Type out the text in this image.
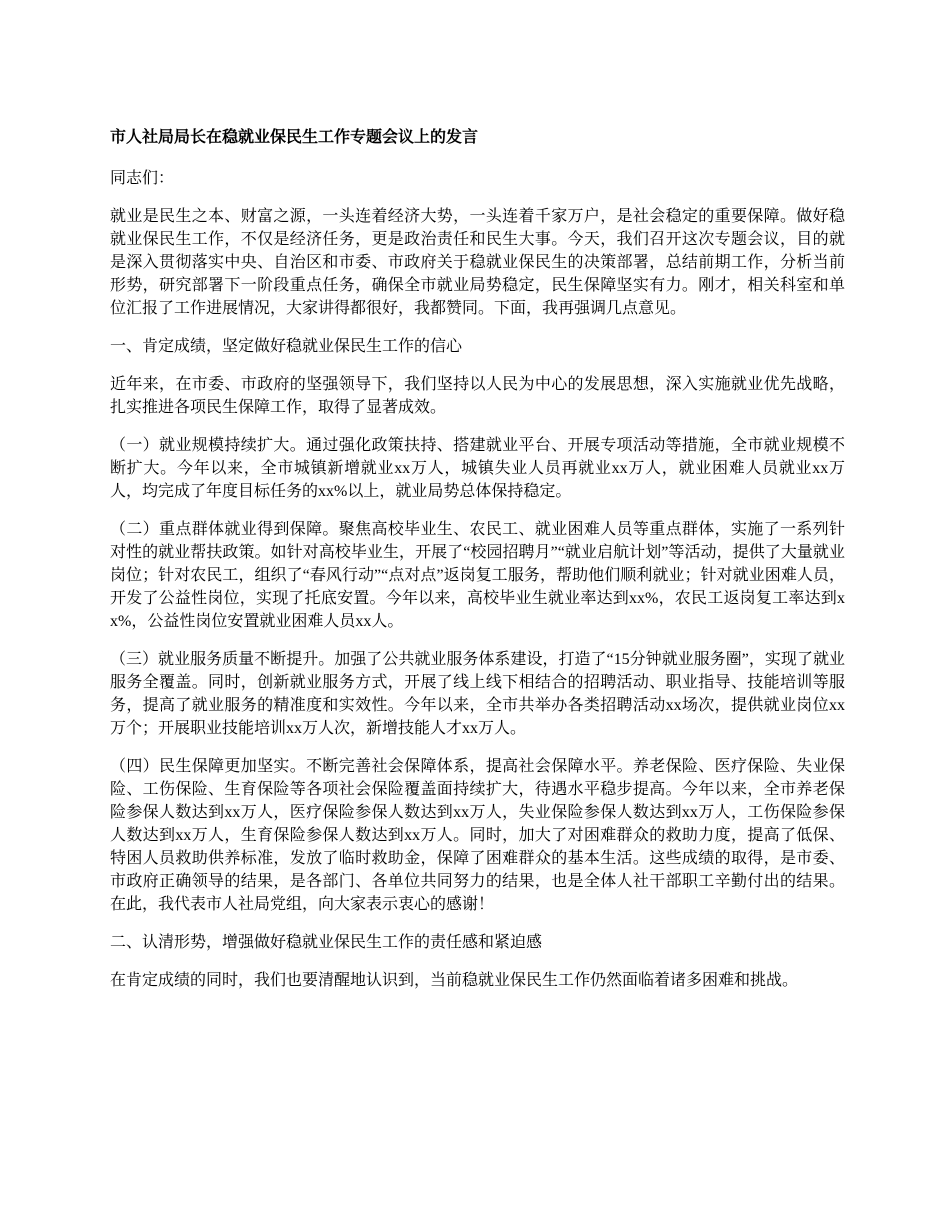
市人社局局长在稳就业保民生工作专题会议上的发言

同志们：

就业是民生之本、财富之源，一头连着经济大势，一头连着千家万户，是社会稳定的重要保障。做好稳就业保民生工作，不仅是经济任务，更是政治责任和民生大事。今天，我们召开这次专题会议，目的就是深入贯彻落实中央、自治区和市委、市政府关于稳就业保民生的决策部署，总结前期工作，分析当前形势，研究部署下一阶段重点任务，确保全市就业局势稳定，民生保障坚实有力。刚才，相关科室和单位汇报了工作进展情况，大家讲得都很好，我都赞同。下面，我再强调几点意见。

一、肯定成绩，坚定做好稳就业保民生工作的信心

近年来，在市委、市政府的坚强领导下，我们坚持以人民为中心的发展思想，深入实施就业优先战略，扎实推进各项民生保障工作，取得了显著成效。

（一）就业规模持续扩大。通过强化政策扶持、搭建就业平台、开展专项活动等措施，全市就业规模不断扩大。今年以来，全市城镇新增就业xx万人，城镇失业人员再就业xx万人，就业困难人员就业xx万人，均完成了年度目标任务的xx%以上，就业局势总体保持稳定。

（二）重点群体就业得到保障。聚焦高校毕业生、农民工、就业困难人员等重点群体，实施了一系列针对性的就业帮扶政策。如针对高校毕业生，开展了“校园招聘月”“就业启航计划”等活动，提供了大量就业岗位；针对农民工，组织了“春风行动”“点对点”返岗复工服务，帮助他们顺利就业；针对就业困难人员，开发了公益性岗位，实现了托底安置。今年以来，高校毕业生就业率达到xx%，农民工返岗复工率达到xx%，公益性岗位安置就业困难人员xx人。

（三）就业服务质量不断提升。加强了公共就业服务体系建设，打造了“15分钟就业服务圈”，实现了就业服务全覆盖。同时，创新就业服务方式，开展了线上线下相结合的招聘活动、职业指导、技能培训等服务，提高了就业服务的精准度和实效性。今年以来，全市共举办各类招聘活动xx场次，提供就业岗位xx万个；开展职业技能培训xx万人次，新增技能人才xx万人。

（四）民生保障更加坚实。不断完善社会保障体系，提高社会保障水平。养老保险、医疗保险、失业保险、工伤保险、生育保险等各项社会保险覆盖面持续扩大，待遇水平稳步提高。今年以来，全市养老保险参保人数达到xx万人，医疗保险参保人数达到xx万人，失业保险参保人数达到xx万人，工伤保险参保人数达到xx万人，生育保险参保人数达到xx万人。同时，加大了对困难群众的救助力度，提高了低保、特困人员救助供养标准，发放了临时救助金，保障了困难群众的基本生活。这些成绩的取得，是市委、市政府正确领导的结果，是各部门、各单位共同努力的结果，也是全体人社干部职工辛勤付出的结果。在此，我代表市人社局党组，向大家表示衷心的感谢！

二、认清形势，增强做好稳就业保民生工作的责任感和紧迫感

在肯定成绩的同时，我们也要清醒地认识到，当前稳就业保民生工作仍然面临着诸多困难和挑战。
